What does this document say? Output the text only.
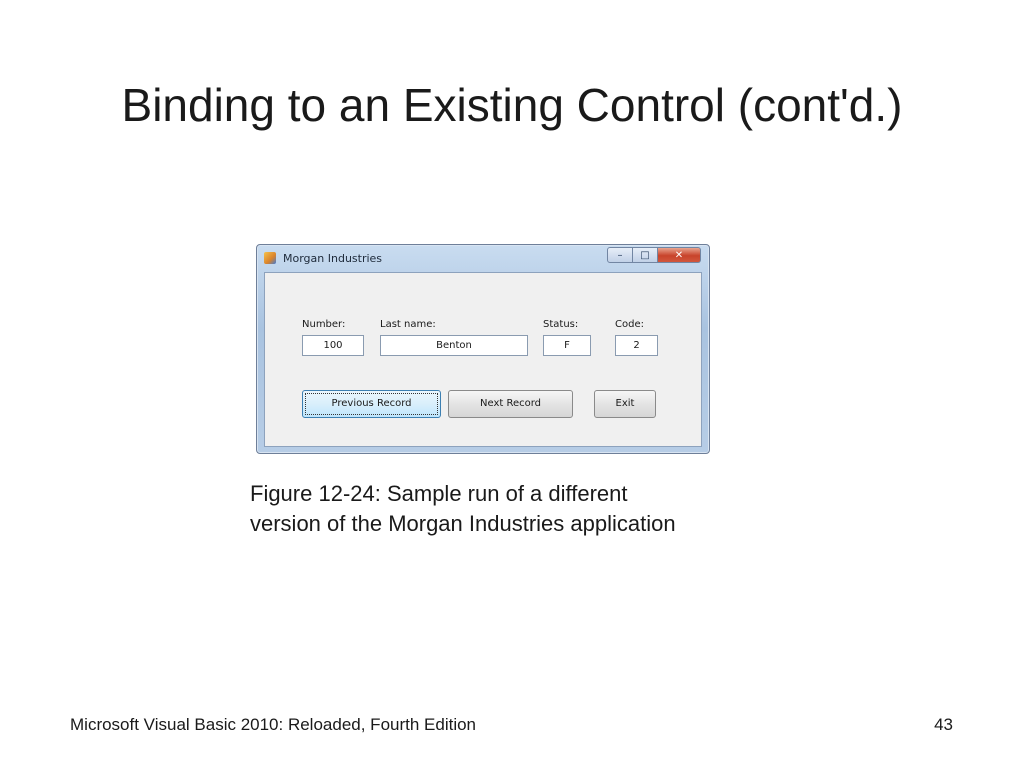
Binding to an Existing Control (cont'd.)
Morgan Industries	–	□	✕
Number:
100
Last name:
Benton
Status:
F
Code:
2
Previous Record	Next Record	Exit
Figure 12-24: Sample run of a different
version of the Morgan Industries application
Microsoft Visual Basic 2010: Reloaded, Fourth Edition	43
